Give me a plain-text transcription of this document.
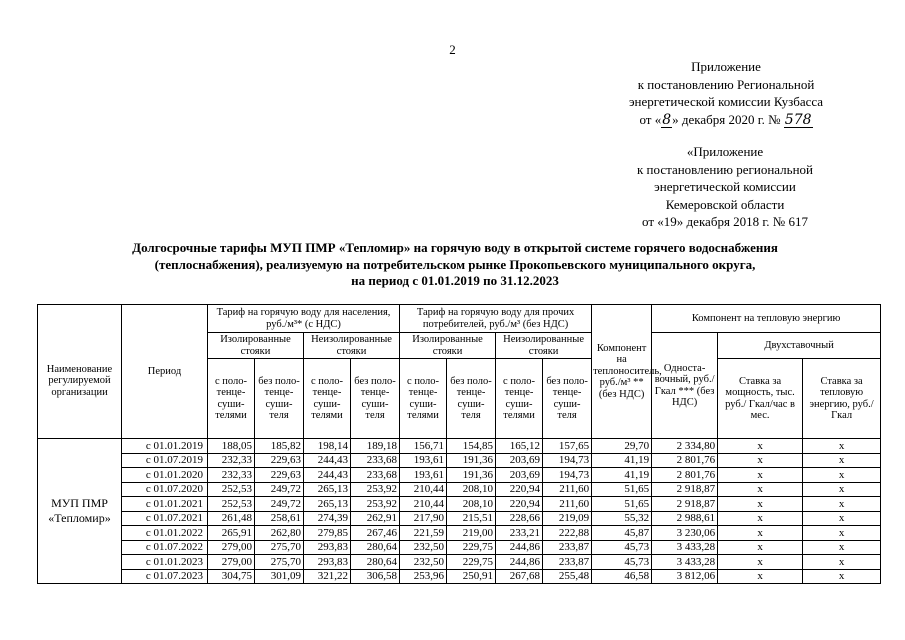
2
Приложение
к постановлению Региональной
энергетической комиссии Кузбасса
от «8» декабря 2020 г. № 578
«Приложение
к постановлению региональной
энергетической комиссии
Кемеровской области
от «19» декабря 2018 г. № 617
Долгосрочные тарифы МУП ПМР «Тепломир» на горячую воду в открытой системе горячего водоснабжения
(теплоснабжения), реализуемую на потребительском рынке Прокопьевского муниципального округа,
на период с 01.01.2019 по 31.12.2023
Наименование регулируемой организации	Период	Тариф на горячую воду для населения, руб./м³* (с НДС)				Тариф на горячую воду для прочих потребителей, руб./м³ (без НДС)				Компонент на теплоноситель, руб./м³ **(без НДС)	Компонент на тепловую энергию		
		Изолированные стояки		Неизолированные стояки		Изолированные стояки		Неизолированные стояки			Односта-вочный, руб./Гкал *** (без НДС)	Двухставочный	
		с поло-тенце-суши-телями	без поло-тенце-суши-теля	с поло-тенце-суши-телями	без поло-тенце-суши-теля	с поло-тенце-суши-телями	без поло-тенце-суши-теля	с поло-тенце-суши-телями	без поло-тенце-суши-теля			Ставка за мощность, тыс. руб./ Гкал/час в мес.	Ставка за тепловую энергию, руб./Гкал

МУП ПМР
«Тепломир»	с 01.01.2019	188,05	185,82	198,14	189,18	156,71	154,85	165,12	157,65	29,70	2 334,80	x	x
	с 01.07.2019	232,33	229,63	244,43	233,68	193,61	191,36	203,69	194,73	41,19	2 801,76	x	x
	с 01.01.2020	232,33	229,63	244,43	233,68	193,61	191,36	203,69	194,73	41,19	2 801,76	x	x
	с 01.07.2020	252,53	249,72	265,13	253,92	210,44	208,10	220,94	211,60	51,65	2 918,87	x	x
	с 01.01.2021	252,53	249,72	265,13	253,92	210,44	208,10	220,94	211,60	51,65	2 918,87	x	x
	с 01.07.2021	261,48	258,61	274,39	262,91	217,90	215,51	228,66	219,09	55,32	2 988,61	x	x
	с 01.01.2022	265,91	262,80	279,85	267,46	221,59	219,00	233,21	222,88	45,87	3 230,06	x	x
	с 01.07.2022	279,00	275,70	293,83	280,64	232,50	229,75	244,86	233,87	45,73	3 433,28	x	x
	с 01.01.2023	279,00	275,70	293,83	280,64	232,50	229,75	244,86	233,87	45,73	3 433,28	x	x
	с 01.07.2023	304,75	301,09	321,22	306,58	253,96	250,91	267,68	255,48	46,58	3 812,06	x	x
